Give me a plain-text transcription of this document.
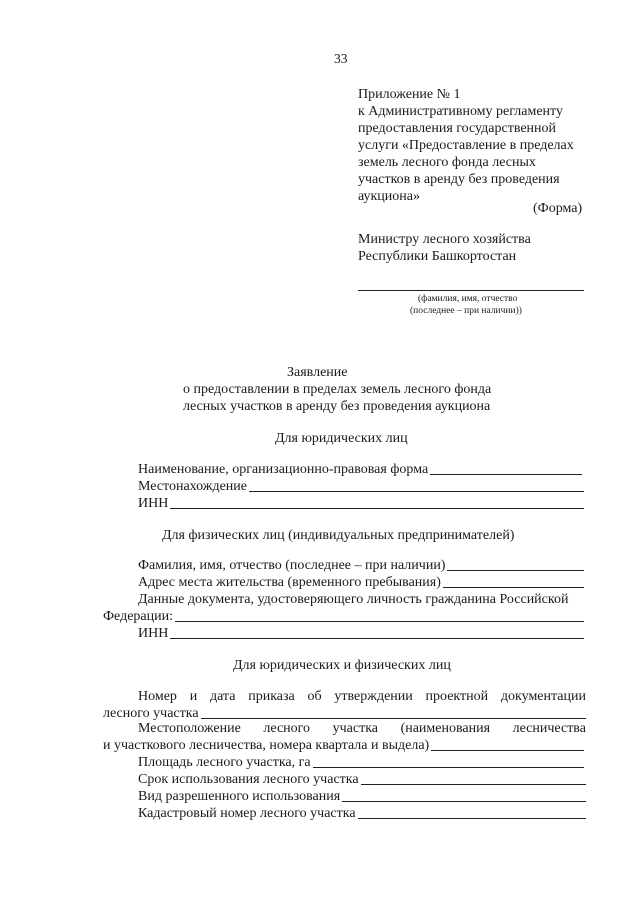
33
Приложение № 1
к Административному регламенту
предоставления государственной
услуги «Предоставление в пределах
земель лесного фонда лесных
участков в аренду без проведения
аукциона»
(Форма)
Министру лесного хозяйства
Республики Башкортостан
(фамилия, имя, отчество
(последнее – при наличии))
Заявление
о предоставлении в пределах земель лесного фонда
лесных участков в аренду без проведения аукциона
Для юридических лиц
Наименование, организационно-правовая форма
Местонахождение
ИНН
Для физических лиц (индивидуальных предпринимателей)
Фамилия, имя, отчество (последнее – при наличии)
Адрес места жительства (временного пребывания)
Данные документа, удостоверяющего личность гражданина Российской
Федерации:
ИНН
Для юридических и физических лиц
Номер и дата приказа об утверждении проектной документации
лесного участка
Местоположение лесного участка (наименования лесничества
и участкового лесничества, номера квартала и выдела)
Площадь лесного участка, га
Срок использования лесного участка
Вид разрешенного использования
Кадастровый номер лесного участка
